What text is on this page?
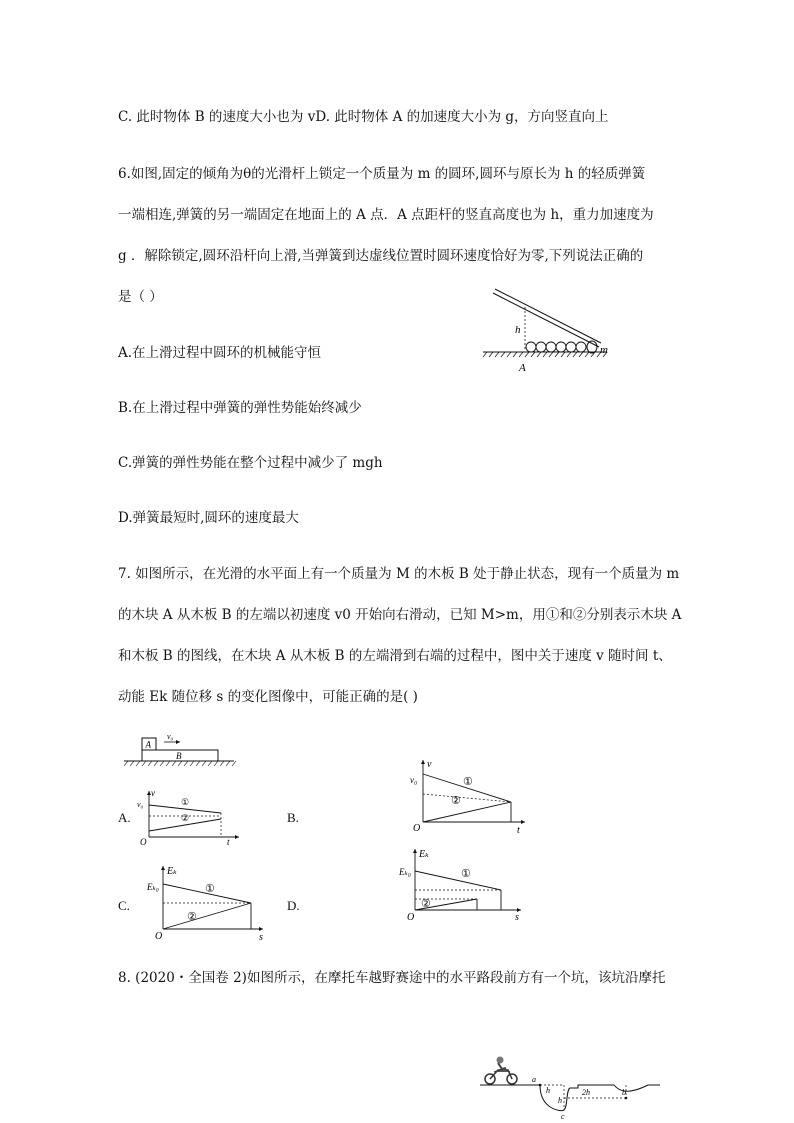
C. 此时物体 B 的速度大小也为 vD. 此时物体 A 的加速度大小为 g，方向竖直向上
6.如图,固定的倾角为θ的光滑杆上锁定一个质量为 m 的圆环,圆环与原长为 h 的轻质弹簧
一端相连,弹簧的另一端固定在地面上的 A 点．A 点距杆的竖直高度也为 h，重力加速度为
g ．解除锁定,圆环沿杆向上滑,当弹簧到达虚线位置时圆环速度恰好为零,下列说法正确的
是（ ）
A.在上滑过程中圆环的机械能守恒
B.在上滑过程中弹簧的弹性势能始终减少
C.弹簧的弹性势能在整个过程中减少了 mgh
D.弹簧最短时,圆环的速度最大
h
A
m
7. 如图所示，在光滑的水平面上有一个质量为 M 的木板 B 处于静止状态，现有一个质量为 m
的木块 A 从木板 B 的左端以初速度 v0 开始向右滑动，已知 M>m，用①和②分别表示木块 A
和木板 B 的图线，在木块 A 从木板 B 的左端滑到右端的过程中，图中关于速度 v 随时间 t、
动能 Ek 随位移 s 的变化图像中，可能正确的是( )
A
B
v₀
A.
v
t
O
v₀	①
②	B.
v
t
O
v₀	①
②
C.
Eₖ
s
O
Eₖ₀	①
②
D.
Eₖ
s
O
Eₖ₀	①
②
8. (2020・全国卷 2)如图所示，在摩托车越野赛途中的水平路段前方有一个坑，该坑沿摩托
a
b
c
h
h
2h
